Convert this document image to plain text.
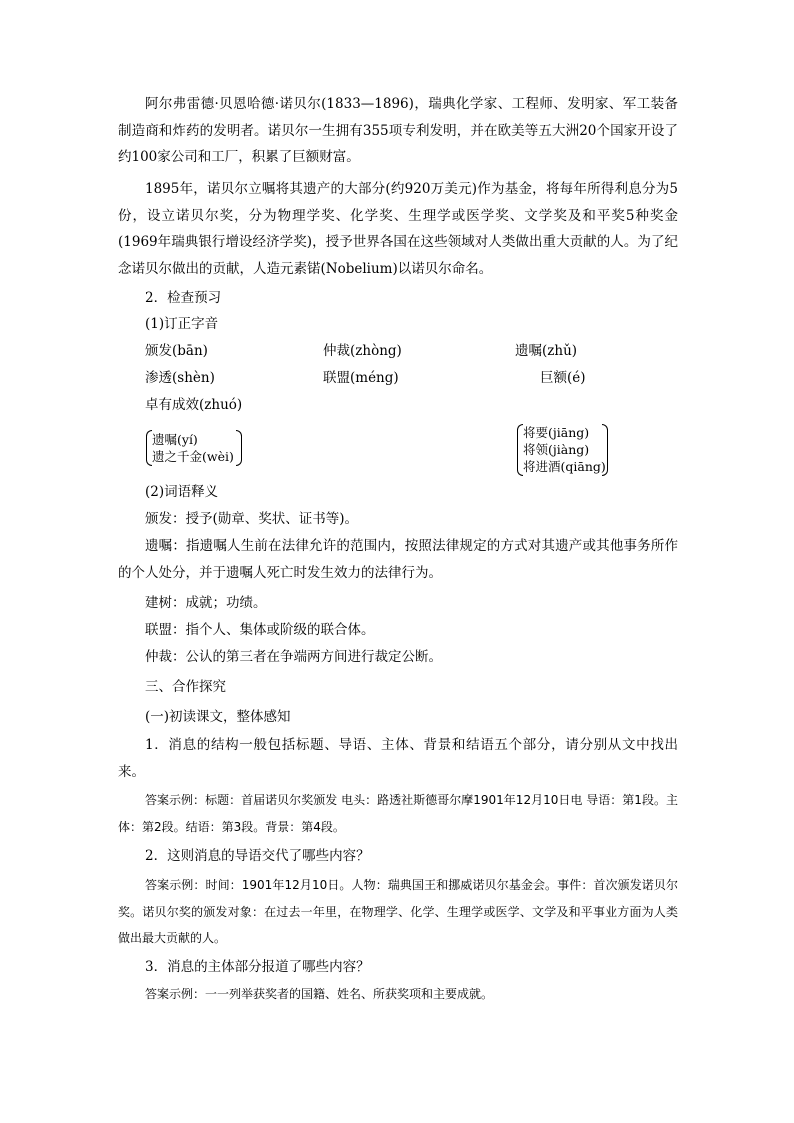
阿尔弗雷德·贝恩哈德·诺贝尔(1833—1896)，瑞典化学家、工程师、发明家、军工装备制造商和炸药的发明者。诺贝尔一生拥有355项专利发明，并在欧美等五大洲20个国家开设了约100家公司和工厂，积累了巨额财富。

1895年，诺贝尔立嘱将其遗产的大部分(约920万美元)作为基金，将每年所得利息分为5份，设立诺贝尔奖，分为物理学奖、化学奖、生理学或医学奖、文学奖及和平奖5种奖金(1969年瑞典银行增设经济学奖)，授予世界各国在这些领域对人类做出重大贡献的人。为了纪念诺贝尔做出的贡献，人造元素锘(Nobelium)以诺贝尔命名。

2．检查预习
(1)订正字音
颁发(bān)	仲裁(zhòng)	遗嘱(zhǔ)
渗透(shèn)	联盟(méng)	巨额(é)
卓有成效(zhuó)
遗嘱(yí)
遗之千金(wèi)
将要(jiāng)
将领(jiàng)
将进酒(qiāng)
(2)词语释义
颁发：授予(勋章、奖状、证书等)。

遗嘱：指遗嘱人生前在法律允许的范围内，按照法律规定的方式对其遗产或其他事务所作的个人处分，并于遗嘱人死亡时发生效力的法律行为。

建树：成就；功绩。
联盟：指个人、集体或阶级的联合体。
仲裁：公认的第三者在争端两方间进行裁定公断。
三、合作探究
(一)初读课文，整体感知

1．消息的结构一般包括标题、导语、主体、背景和结语五个部分，请分别从文中找出来。

答案示例：标题：首届诺贝尔奖颁发 电头：路透社斯德哥尔摩1901年12月10日电 导语：第1段。主体：第2段。结语：第3段。背景：第4段。

2．这则消息的导语交代了哪些内容？

答案示例：时间：1901年12月10日。人物：瑞典国王和挪威诺贝尔基金会。事件：首次颁发诺贝尔奖。诺贝尔奖的颁发对象：在过去一年里，在物理学、化学、生理学或医学、文学及和平事业方面为人类做出最大贡献的人。

3．消息的主体部分报道了哪些内容？
答案示例：一一列举获奖者的国籍、姓名、所获奖项和主要成就。
